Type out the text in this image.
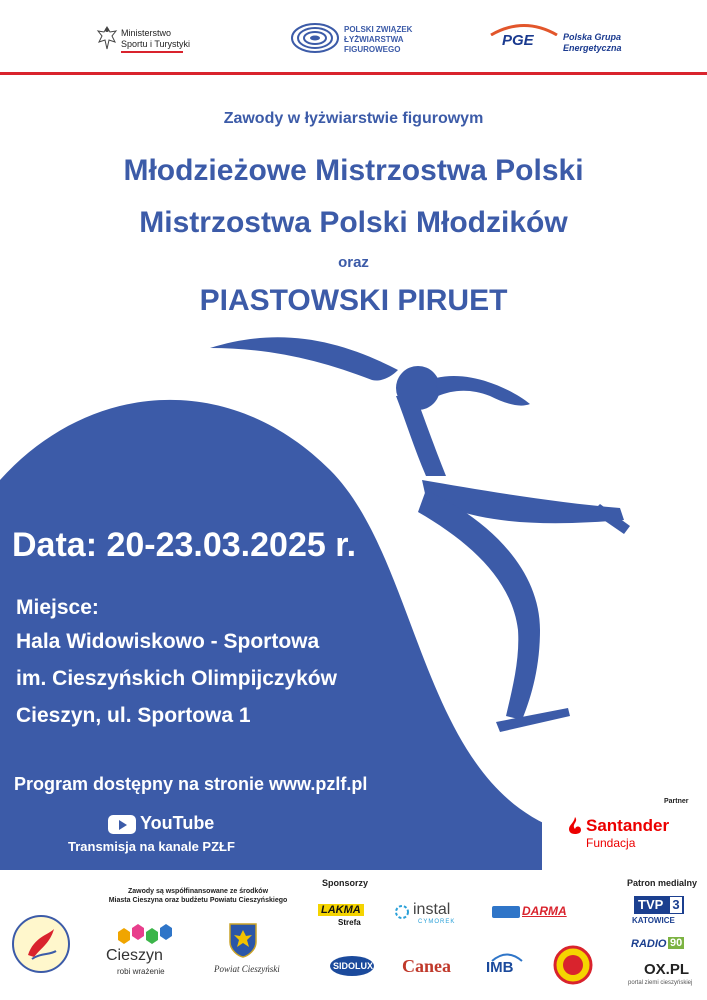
Ministerstwo
Sportu i Turystyki
POLSKI ZWIĄZEK
ŁYŻWIARSTWA
FIGUROWEGO
PGE	Polska Grupa
Energetyczna
Zawody w łyżwiarstwie figurowym
Młodzieżowe Mistrzostwa Polski
Mistrzostwa Polski Młodzików
oraz
PIASTOWSKI PIRUET
Data: 20-23.03.2025 r.
Miejsce:
Hala Widowiskowo - Sportowa
im. Cieszyńskich Olimpijczyków
Cieszyn, ul. Sportowa 1
Program dostępny na stronie www.pzlf.pl
YouTube
Transmisja na kanale PZŁF
Partner
Santander
Fundacja
Zawody są współfinansowane ze środków
Miasta Cieszyna oraz budżetu Powiatu Cieszyńskiego
Cieszyn
robi wrażenie	Powiat Cieszyński
Sponsorzy
LAKMA
Strefa
instal
CYMOREK
DARMA
SIDOLUX Canea IMB
Patron medialny
TVP 3
KATOWICE
RADIO 90
OX.PL
portal ziemi cieszyńskiej
